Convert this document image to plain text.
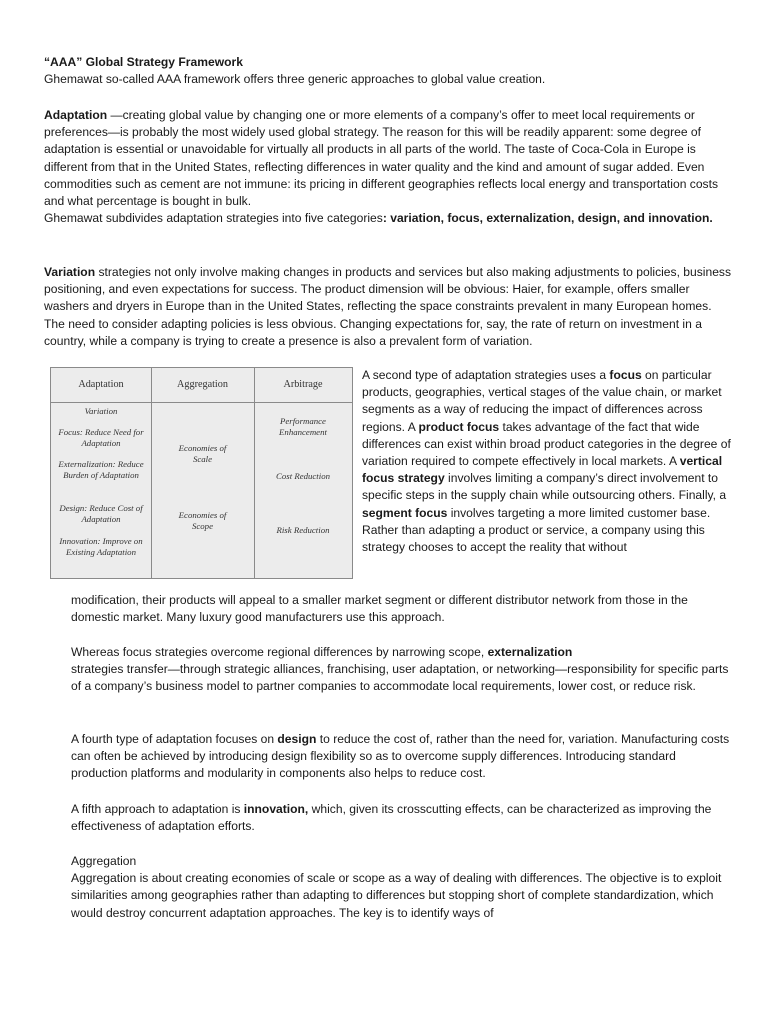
“AAA” Global Strategy Framework
Ghemawat so-called AAA framework offers three generic approaches to global value creation.

Adaptation —creating global value by changing one or more elements of a company’s offer to meet local requirements or preferences—is probably the most widely used global strategy. The reason for this will be readily apparent: some degree of adaptation is essential or unavoidable for virtually all products in all parts of the world. The taste of Coca-Cola in Europe is different from that in the United States, reflecting differences in water quality and the kind and amount of sugar added. Even commodities such as cement are not immune: its pricing in different geographies reflects local energy and transportation costs and what percentage is bought in bulk.
Ghemawat subdivides adaptation strategies into five categories: variation, focus, externalization, design, and innovation.

Variation strategies not only involve making changes in products and services but also making adjustments to policies, business positioning, and even expectations for success. The product dimension will be obvious: Haier, for example, offers smaller washers and dryers in Europe than in the United States, reflecting the space constraints prevalent in many European homes. The need to consider adapting policies is less obvious. Changing expectations for, say, the rate of return on investment in a country, while a company is trying to create a presence is also a prevalent form of variation.

Adaptation
Variation
Focus: Reduce Need for Adaptation
Externalization: Reduce Burden of Adaptation
Design: Reduce Cost of Adaptation
Innovation: Improve on Existing Adaptation
Aggregation
Economies of Scale
Economies of Scope
Arbitrage
Performance Enhancement
Cost Reduction
Risk Reduction

A second type of adaptation strategies uses a focus on particular products, geographies, vertical stages of the value chain, or market segments as a way of reducing the impact of differences across regions. A product focus takes advantage of the fact that wide differences can exist within broad product categories in the degree of variation required to compete effectively in local markets. A vertical focus strategy involves limiting a company’s direct involvement to specific steps in the supply chain while outsourcing others. Finally, a segment focus involves targeting a more limited customer base. Rather than adapting a product or service, a company using this strategy chooses to accept the reality that without

modification, their products will appeal to a smaller market segment or different distributor network from those in the domestic market. Many luxury good manufacturers use this approach.

Whereas focus strategies overcome regional differences by narrowing scope, externalization
strategies transfer—through strategic alliances, franchising, user adaptation, or networking—responsibility for specific parts of a company’s business model to partner companies to accommodate local requirements, lower cost, or reduce risk.

A fourth type of adaptation focuses on design to reduce the cost of, rather than the need for, variation. Manufacturing costs can often be achieved by introducing design flexibility so as to overcome supply differences. Introducing standard production platforms and modularity in components also helps to reduce cost.

A fifth approach to adaptation is innovation, which, given its crosscutting effects, can be characterized as improving the effectiveness of adaptation efforts.

Aggregation
Aggregation is about creating economies of scale or scope as a way of dealing with differences. The objective is to exploit similarities among geographies rather than adapting to differences but stopping short of complete standardization, which would destroy concurrent adaptation approaches. The key is to identify ways of
